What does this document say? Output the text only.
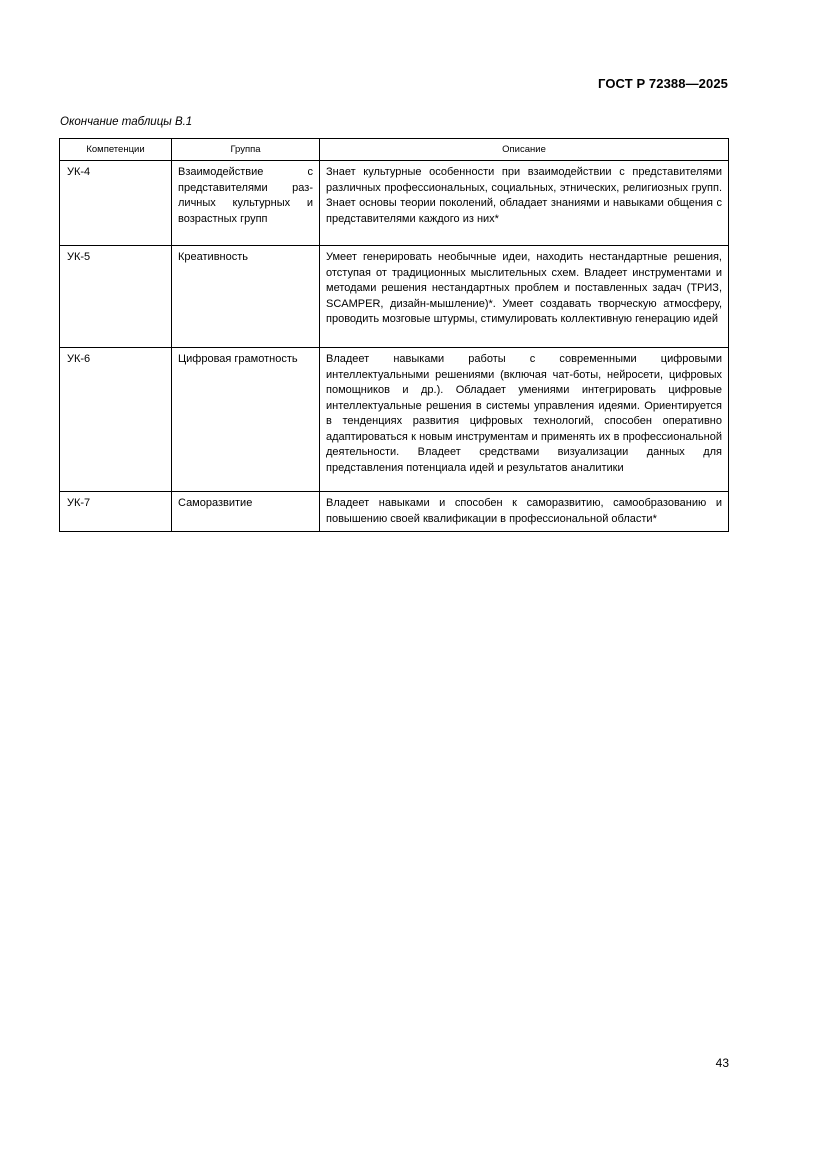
ГОСТ Р 72388—2025
Окончание таблицы В.1
Компетенции	Группа	Описание
УК-4	Взаимодействие с представителями различных культурных и возрастных групп	Знает культурные особенности при взаимодействии с представителями различных профессиональных, социальных, этнических, религиозных групп. Знает основы теории поколений, обладает знаниями и навыками общения с представителями каждого из них*
УК-5	Креативность	Умеет генерировать необычные идеи, находить нестандартные решения, отступая от традиционных мыслительных схем. Владеет инструментами и методами решения нестандартных проблем и поставленных задач (ТРИЗ, SCAMPER, дизайн-мышление)*. Умеет создавать творческую атмосферу, проводить мозговые штурмы, стимулировать коллективную генерацию идей
УК-6	Цифровая грамотность	Владеет навыками работы с современными цифровыми интеллектуальными решениями (включая чат-боты, нейросети, цифровых помощников и др.). Обладает умениями интегрировать цифровые интеллектуальные решения в системы управления идеями. Ориентируется в тенденциях развития цифровых технологий, способен оперативно адаптироваться к новым инструментам и применять их в профессиональной деятельности. Владеет средствами визуализации данных для представления потенциала идей и результатов аналитики
УК-7	Саморазвитие	Владеет навыками и способен к саморазвитию, самообразованию и повышению своей квалификации в профессиональной области*
43
